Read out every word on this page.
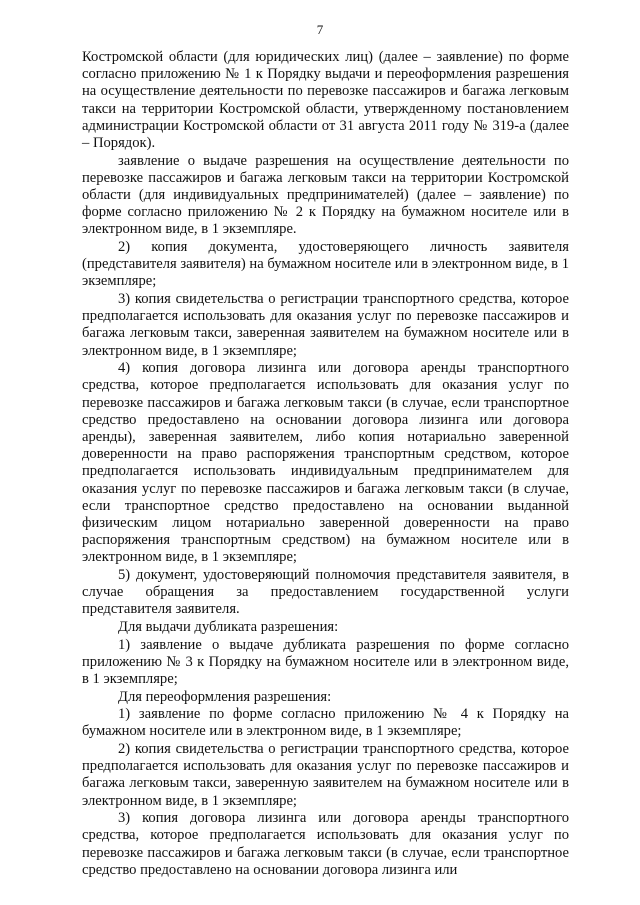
7

Костромской области (для юридических лиц) (далее – заявление) по форме согласно приложению № 1 к Порядку выдачи и переоформления разрешения на осуществление деятельности по перевозке пассажиров и багажа легковым такси на территории Костромской области, утвержденному постановлением администрации Костромской области от 31 августа 2011 году № 319-а (далее – Порядок).

заявление о выдаче разрешения на осуществление деятельности по перевозке пассажиров и багажа легковым такси на территории Костромской области (для индивидуальных предпринимателей) (далее – заявление) по форме согласно приложению № 2 к Порядку на бумажном носителе или в электронном виде, в 1 экземпляре.

2) копия документа, удостоверяющего личность заявителя (представителя заявителя) на бумажном носителе или в электронном виде, в 1 экземпляре;

3) копия свидетельства о регистрации транспортного средства, которое предполагается использовать для оказания услуг по перевозке пассажиров и багажа легковым такси, заверенная заявителем на бумажном носителе или в электронном виде, в 1 экземпляре;

4) копия договора лизинга или договора аренды транспортного средства, которое предполагается использовать для оказания услуг по перевозке пассажиров и багажа легковым такси (в случае, если транспортное средство предоставлено на основании договора лизинга или договора аренды), заверенная заявителем, либо копия нотариально заверенной доверенности на право распоряжения транспортным средством, которое предполагается использовать индивидуальным предпринимателем для оказания услуг по перевозке пассажиров и багажа легковым такси (в случае, если транспортное средство предоставлено на основании выданной физическим лицом нотариально заверенной доверенности на право распоряжения транспортным средством) на бумажном носителе или в электронном виде, в 1 экземпляре;

5) документ, удостоверяющий полномочия представителя заявителя, в случае обращения за предоставлением государственной услуги представителя заявителя.

Для выдачи дубликата разрешения:

1) заявление о выдаче дубликата разрешения по форме согласно приложению № 3 к Порядку на бумажном носителе или в электронном виде, в 1 экземпляре;

Для переоформления разрешения:

1) заявление по форме согласно приложению № 4 к Порядку на бумажном носителе или в электронном виде, в 1 экземпляре;

2) копия свидетельства о регистрации транспортного средства, которое предполагается использовать для оказания услуг по перевозке пассажиров и багажа легковым такси, заверенную заявителем на бумажном носителе или в электронном виде, в 1 экземпляре;

3) копия договора лизинга или договора аренды транспортного средства, которое предполагается использовать для оказания услуг по перевозке пассажиров и багажа легковым такси (в случае, если транспортное средство предоставлено на основании договора лизинга или
